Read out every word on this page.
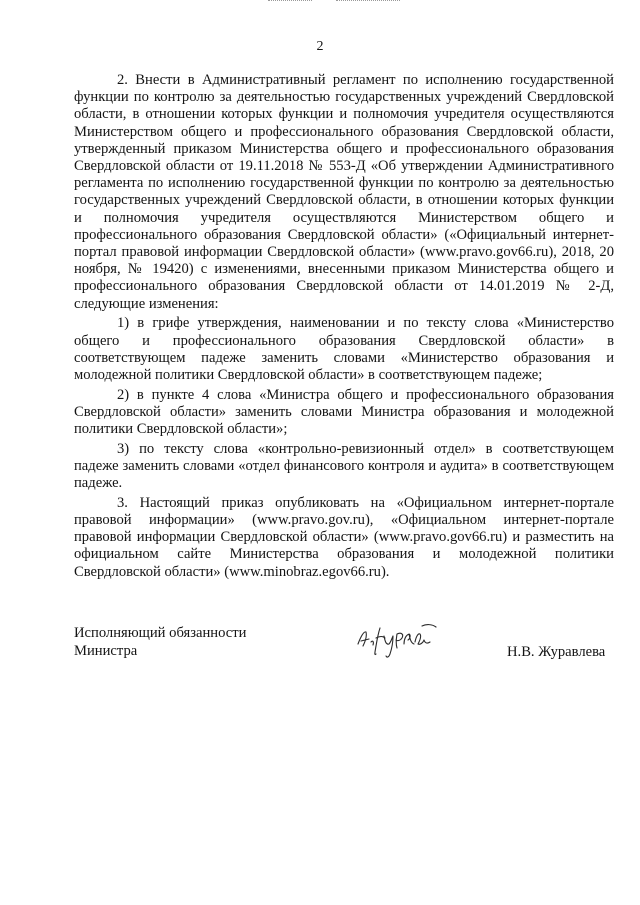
2

2. Внести в Административный регламент по исполнению государственной функции по контролю за деятельностью государственных учреждений Свердловской области, в отношении которых функции и полномочия учредителя осуществляются Министерством общего и профессионального образования Свердловской области, утвержденный приказом Министерства общего и профессионального образования Свердловской области от 19.11.2018 № 553-Д «Об утверждении Административного регламента по исполнению государственной функции по контролю за деятельностью государственных учреждений Свердловской области, в отношении которых функции и полномочия учредителя осуществляются Министерством общего и профессионального образования Свердловской области» («Официальный интернет-портал правовой информации Свердловской области» (www.pravo.gov66.ru), 2018, 20 ноября, № 19420) с изменениями, внесенными приказом Министерства общего и профессионального образования Свердловской области от 14.01.2019 № 2-Д, следующие изменения:

1) в грифе утверждения, наименовании и по тексту слова «Министерство общего и профессионального образования Свердловской области» в соответствующем падеже заменить словами «Министерство образования и молодежной политики Свердловской области» в соответствующем падеже;

2) в пункте 4 слова «Министра общего и профессионального образования Свердловской области» заменить словами Министра образования и молодежной политики Свердловской области»;

3) по тексту слова «контрольно-ревизионный отдел» в соответствующем падеже заменить словами «отдел финансового контроля и аудита» в соответствующем падеже.

3. Настоящий приказ опубликовать на «Официальном интернет-портале правовой информации» (www.pravo.gov.ru), «Официальном интернет-портале правовой информации Свердловской области» (www.pravo.gov66.ru) и разместить на официальном сайте Министерства образования и молодежной политики Свердловской области» (www.minobraz.egov66.ru).

Исполняющий обязанности
Министра	Н.В. Журавлева
